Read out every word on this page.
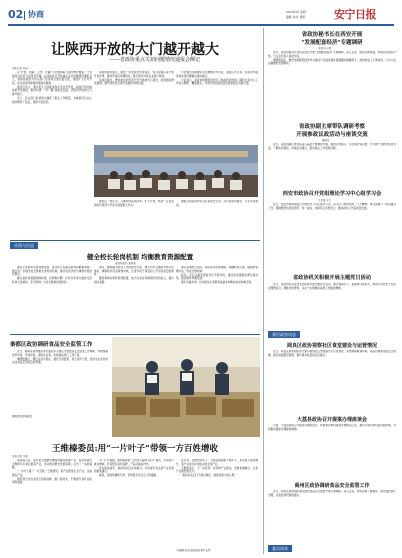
02 协商	2024年4月 星期一
编辑: 校对: 组版:	安宁日报
让陕西开放的大门越开越大
——省政协重点关切问题情况通报会侧记
本报记者 宋涛

以“开放、创新、合作、共赢”为主题的第七届丝博会暨第二十四届西洽会近日在西安开幕。在省政协召开的重点关切问题情况通报会上，省政协委员与有关部门负责同志面对面交流，围绕扩大对外开放、优化营商环境等积极建言献策。

委员们表示，要以更大力度推进高水平对外开放，持续打造内陆改革开放高地，推动共建“一带一路”高质量发展，让陕西开放的大门越开越大。

会上，有关部门负责同志通报了相关工作情况，并就委员们关心的问题作了回应，现场气氛热烈。

省政协委员建议，要进一步发挥自贸试验区、综合保税区等开放平台作用，推动贸易投资便利化，吸引更多外资企业落户陕西。

有委员提出，要加快中欧班列长安号集结中心建设，拓展国际物流通道，提升陕西在全国开放格局中的位置。

与会委员还就推动文化旅游对外交流、加强人才引进、完善涉外服务体系等问题提出具体建议。

大家表示，省政协将继续发挥专门协商机构作用，围绕全省中心工作深入调研、精准建言，为谱写陕西高质量发展新篇章贡献力量。

委员们一致认为，只要持续深化改革、扩大开放，陕西一定能在新时代西部大开发中展现更大作为。

通报会由省政协有关负责同志主持，部分省政协委员、专家学者参加。

省政协秘书长在西安开展
“发展配套经济”专题调研
本报讯 记者

近日，省政协秘书长带队在西安开展“发展配套经济”专题调研，深入企业、园区实地察看，听取有关情况介绍，与企业负责人座谈交流。

调研组指出，要把发展配套经济作为推动产业链延链补链强链的重要抓手，加快形成上下游协同、大中小企业融通的发展格局。

省政协副主席带队调研考察
开展参政议政活动与座谈交流
通讯员

近日，省政协副主席带队深入基层开展调研考察，围绕乡村振兴、生态保护等议题，与当地干部群众座谈交流，了解实际情况，听取意见建议，推动相关工作落地见效。

西安市政协召开党组理论学习中心组学习会
王京凛 王力

近日，西安市政协党组召开理论学习中心组学习会，深入学习贯彻党的二十大精神，研究部署下一阶段重点工作，强调要坚持党的领导、统一战线、协商民主有机结合，推动政协工作高质量发展。

省政协机关积极开展主题党日活动

近日，省政协机关各党支部积极开展主题党日活动，通过参观学习、集体研讨等形式，教育引导党员干部坚定理想信念，锤炼党性修养，以实干实绩推动各项工作提质增效。

基层政协动态
阎良区政协视察社区食堂建设与运营情况

近日，阎良区政协组织部分委员视察社区食堂建设与运营情况，实地察看就餐环境、菜品价格和食品安全管理，提出加强规范管理、提升服务质量的意见建议。

大荔县政协召开提案办理座谈会

日前，大荔县政协召开提案办理座谈会，听取承办单位提案办理情况汇报，委员与承办单位面对面沟通，共同推动提案办理提质增效。

商州区政协调研食品安全监管工作

近日，商州区政协组织委员围绕食品安全监管开展专题调研，深入企业、市场实地了解情况，提出强化源头治理、完善监管机制的建议。

委员风采
社情与民意
健全校长轮岗机制 均衡教育资源配置
省政协委员 张某某

推进义务教育优质均衡发展，是办好人民满意教育的重要举措。建议进一步健全校长教师交流轮岗机制，推动优质学校与薄弱学校结对帮扶。

要完善轮岗激励保障政策，在职称评聘、评优评先等方面向交流轮岗人员倾斜，充分调动广大校长教师的积极性。

同时，要加强对轮岗工作的督导评估，建立科学合理的考核评价体系，确保轮岗交流取得实效，让更多孩子享受到公平而有质量的教育。

要统筹城乡教育资源配置，加大对农村和薄弱学校的投入，缩小校际差距。

建议各地结合实际，制定轮岗实施细则，明确轮岗范围、期限和管理办法，形成长效机制。

此外，还应注重发挥信息化手段作用，推动优质课程资源共建共享，促进教育均衡发展。

通过多措并举，切实推动义务教育由基本均衡向优质均衡迈进。

秦都区政协调研食品安全监管工作

近日，秦都区政协组织部分委员深入辖区开展食品安全监管工作调研，实地察看农贸市场、学校食堂、餐饮企业等，听取相关部门工作汇报。

调研组建议，要压实各方责任，强化日常监管，加大宣传力度，营造全社会共同关注食品安全的良好氛围。

调研组在现场察看
王维榛委员:用“一片叶子”带领一方百姓增收
本报记者 王晓

在陕南山区，茶叶是当地群众增收致富的重要产业。省政协委员王维榛多年来扎根茶产业，带动周边群众发展茶园，走出了一条致富路。

“一片叶子富了一方百姓。”王维榛说，茶产业既是生态产业，也是富民产业。

她带领合作社成员引进新品种、推广新技术，不断提升茶叶品质和附加值。

为了打开销路，她积极探索“合作社+基地+农户”模式，带动农户就业增收，打造特色茶叶品牌，产品远销省内外。

作为政协委员，她时刻关注乡村振兴，多次提交有关茶产业发展的提案建议。

她说，将继续履职尽责，带领更多乡亲走上致富路。

近年来，在她的带动下，当地茶园面积不断扩大，茶农收入稳步增长，茶产业成为乡村振兴的支柱产业。

王维榛表示，下一步将进一步延伸产业链条，发展茶旅融合，让茶产业焕发新活力。

“看到乡亲们日子越过越好，就是我最大的心愿。”

王维榛(右)在茶园查看茶叶长势
